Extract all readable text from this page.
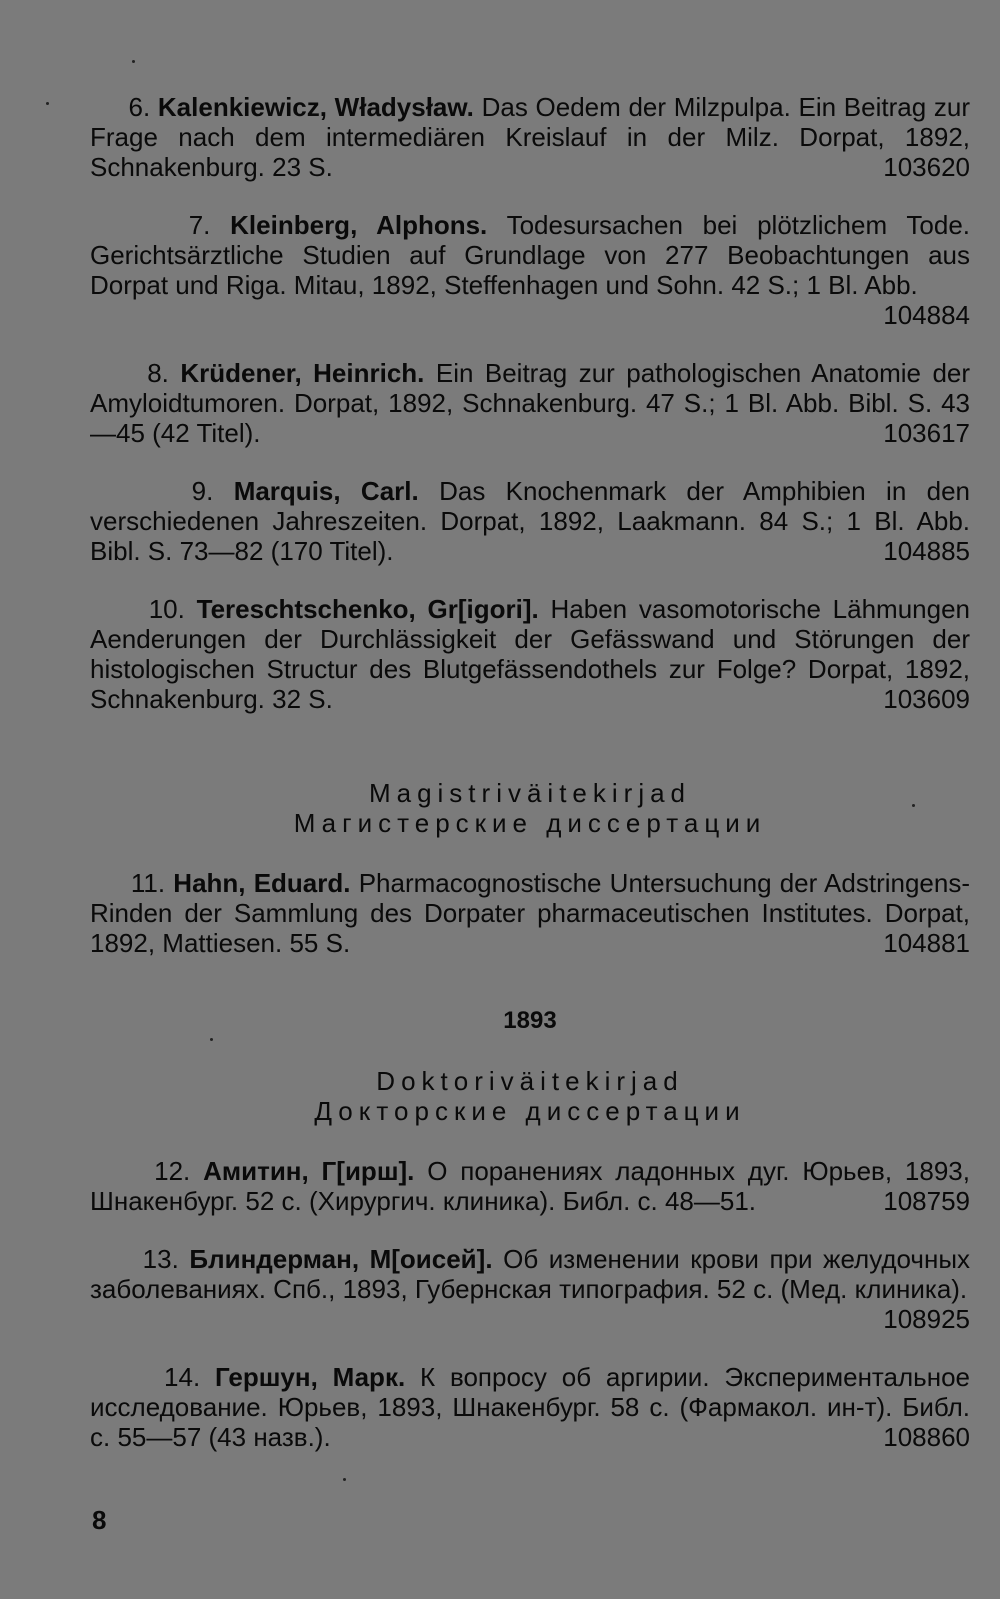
6. Kalenkiewicz, Władysław. Das Oedem der Milzpulpa. Ein Beitrag zur Frage nach dem intermediären Kreislauf in der Milz. Dorpat, 1892, Schnakenburg. 23 S.	103620

7. Kleinberg, Alphons. Todesursachen bei plötzlichem Tode. Gerichtsärztliche Studien auf Grundlage von 277 Beobachtungen aus Dorpat und Riga. Mitau, 1892, Steffenhagen und Sohn. 42 S.; 1 Bl. Abb.
104884

8. Krüdener, Heinrich. Ein Beitrag zur pathologischen Anatomie der Amyloidtumoren. Dorpat, 1892, Schnakenburg. 47 S.; 1 Bl. Abb. Bibl. S. 43—45 (42 Titel).	103617

9. Marquis, Carl. Das Knochenmark der Amphibien in den verschiedenen Jahreszeiten. Dorpat, 1892, Laakmann. 84 S.; 1 Bl. Abb. Bibl. S. 73—82 (170 Titel).	104885

10. Tereschtschenko, Gr[igori]. Haben vasomotorische Lähmungen Aenderungen der Durchlässigkeit der Gefässwand und Störungen der histologischen Structur des Blutgefässendothels zur Folge? Dorpat, 1892, Schnakenburg. 32 S.	103609

Magistriväitekirjad

Магистерские диссертации

11. Hahn, Eduard. Pharmacognostische Untersuchung der Adstringens-Rinden der Sammlung des Dorpater pharmaceutischen Institutes. Dorpat, 1892, Mattiesen. 55 S.	104881

1893

Doktoriväitekirjad

Докторские диссертации

12. Амитин, Г[ирш]. О поранениях ладонных дуг. Юрьев, 1893, Шнакенбург. 52 с. (Хирургич. клиника). Библ. с. 48—51.	108759

13. Блиндерман, М[оисей]. Об изменении крови при желудочных заболеваниях. Спб., 1893, Губернская типография. 52 с. (Мед. клиника).
108925

14. Гершун, Марк. К вопросу об аргирии. Экспериментальное исследование. Юрьев, 1893, Шнакенбург. 58 с. (Фармакол. ин-т). Библ. с. 55—57 (43 назв.).	108860

8
